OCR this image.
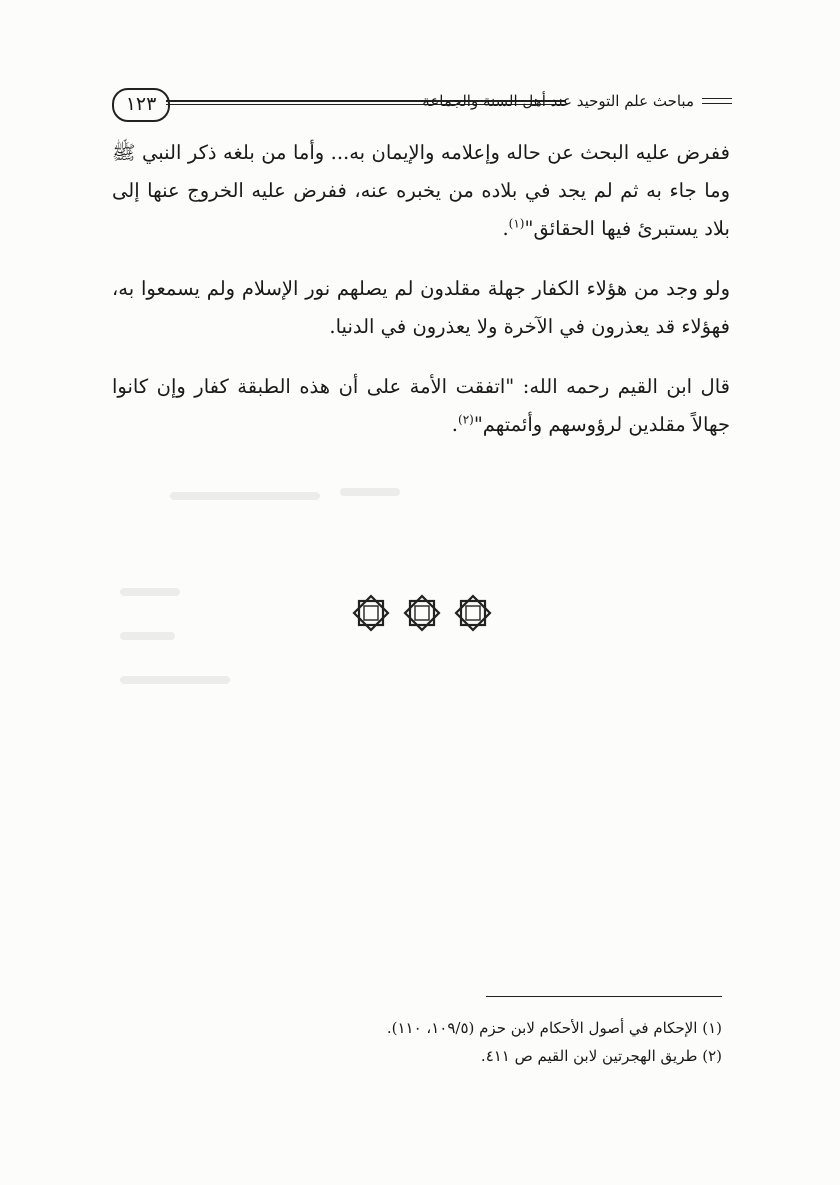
١٢٣	مباحث علم التوحيد عند أهل السنة والجماعة

ففرض عليه البحث عن حاله وإعلامه والإيمان به... وأما من بلغه ذكر النبي ﷺ وما جاء به ثم لم يجد في بلاده من يخبره عنه، ففرض عليه الخروج عنها إلى بلاد يستبرئ فيها الحقائق"$^{(١)}$.

ولو وجد من هؤلاء الكفار جهلة مقلدون لم يصلهم نور الإسلام ولم يسمعوا به، فهؤلاء قد يعذرون في الآخرة ولا يعذرون في الدنيا.

قال ابن القيم رحمه الله: "اتفقت الأمة على أن هذه الطبقة كفار وإن كانوا جهالاً مقلدين لرؤوسهم وأئمتهم"$^{(٢)}$.

(١) الإحكام في أصول الأحكام لابن حزم (١٠٩/٥، ١١٠).

(٢) طريق الهجرتين لابن القيم ص ٤١١.
